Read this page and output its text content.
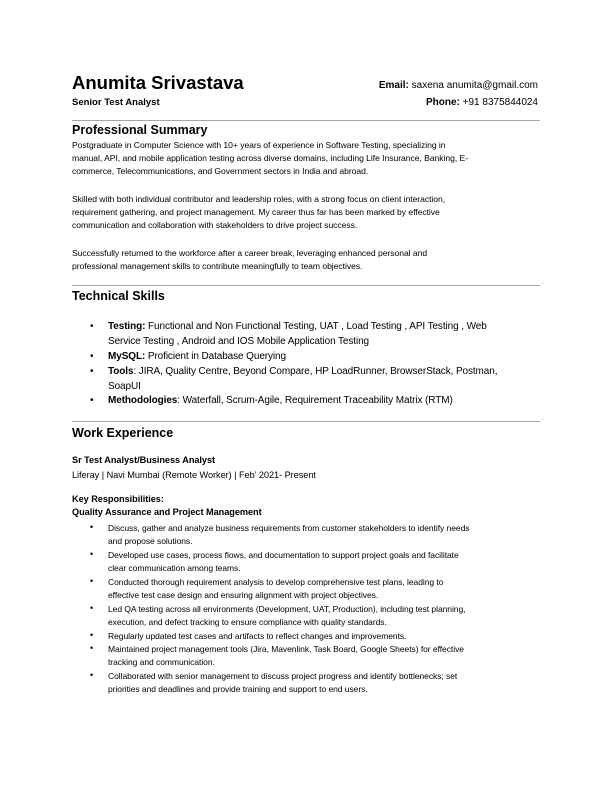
Anumita Srivastava
Senior Test Analyst
Email: saxena anumita@gmail.com
Phone: +91 8375844024
Professional Summary
Postgraduate in Computer Science with 10+ years of experience in Software Testing, specializing in
manual, API, and mobile application testing across diverse domains, including Life Insurance, Banking, E-
commerce, Telecommunications, and Government sectors in India and abroad.
Skilled with both individual contributor and leadership roles, with a strong focus on client interaction,
requirement gathering, and project management. My career thus far has been marked by effective
communication and collaboration with stakeholders to drive project success.
Successfully returned to the workforce after a career break, leveraging enhanced personal and
professional management skills to contribute meaningfully to team objectives.
Technical Skills
• Testing: Functional and Non Functional Testing, UAT , Load Testing , API Testing , Web
Service Testing , Android and IOS Mobile Application Testing
• MySQL: Proficient in Database Querying
• Tools: JIRA, Quality Centre, Beyond Compare, HP LoadRunner, BrowserStack, Postman,
SoapUI
• Methodologies: Waterfall, Scrum-Agile, Requirement Traceability Matrix (RTM)
Work Experience
Sr Test Analyst/Business Analyst
Liferay | Navi Mumbai (Remote Worker) | Feb’ 2021- Present
Key Responsibilities:
Quality Assurance and Project Management
• Discuss, gather and analyze business requirements from customer stakeholders to identify needs
and propose solutions.
• Developed use cases, process flows, and documentation to support project goals and facilitate
clear communication among teams.
• Conducted thorough requirement analysis to develop comprehensive test plans, leading to
effective test case design and ensuring alignment with project objectives.
• Led QA testing across all environments (Development, UAT, Production), including test planning,
execution, and defect tracking to ensure compliance with quality standards.
• Regularly updated test cases and artifacts to reflect changes and improvements.
• Maintained project management tools (Jira, Mavenlink, Task Board, Google Sheets) for effective
tracking and communication.
• Collaborated with senior management to discuss project progress and identify bottlenecks; set
priorities and deadlines and provide training and support to end users.
